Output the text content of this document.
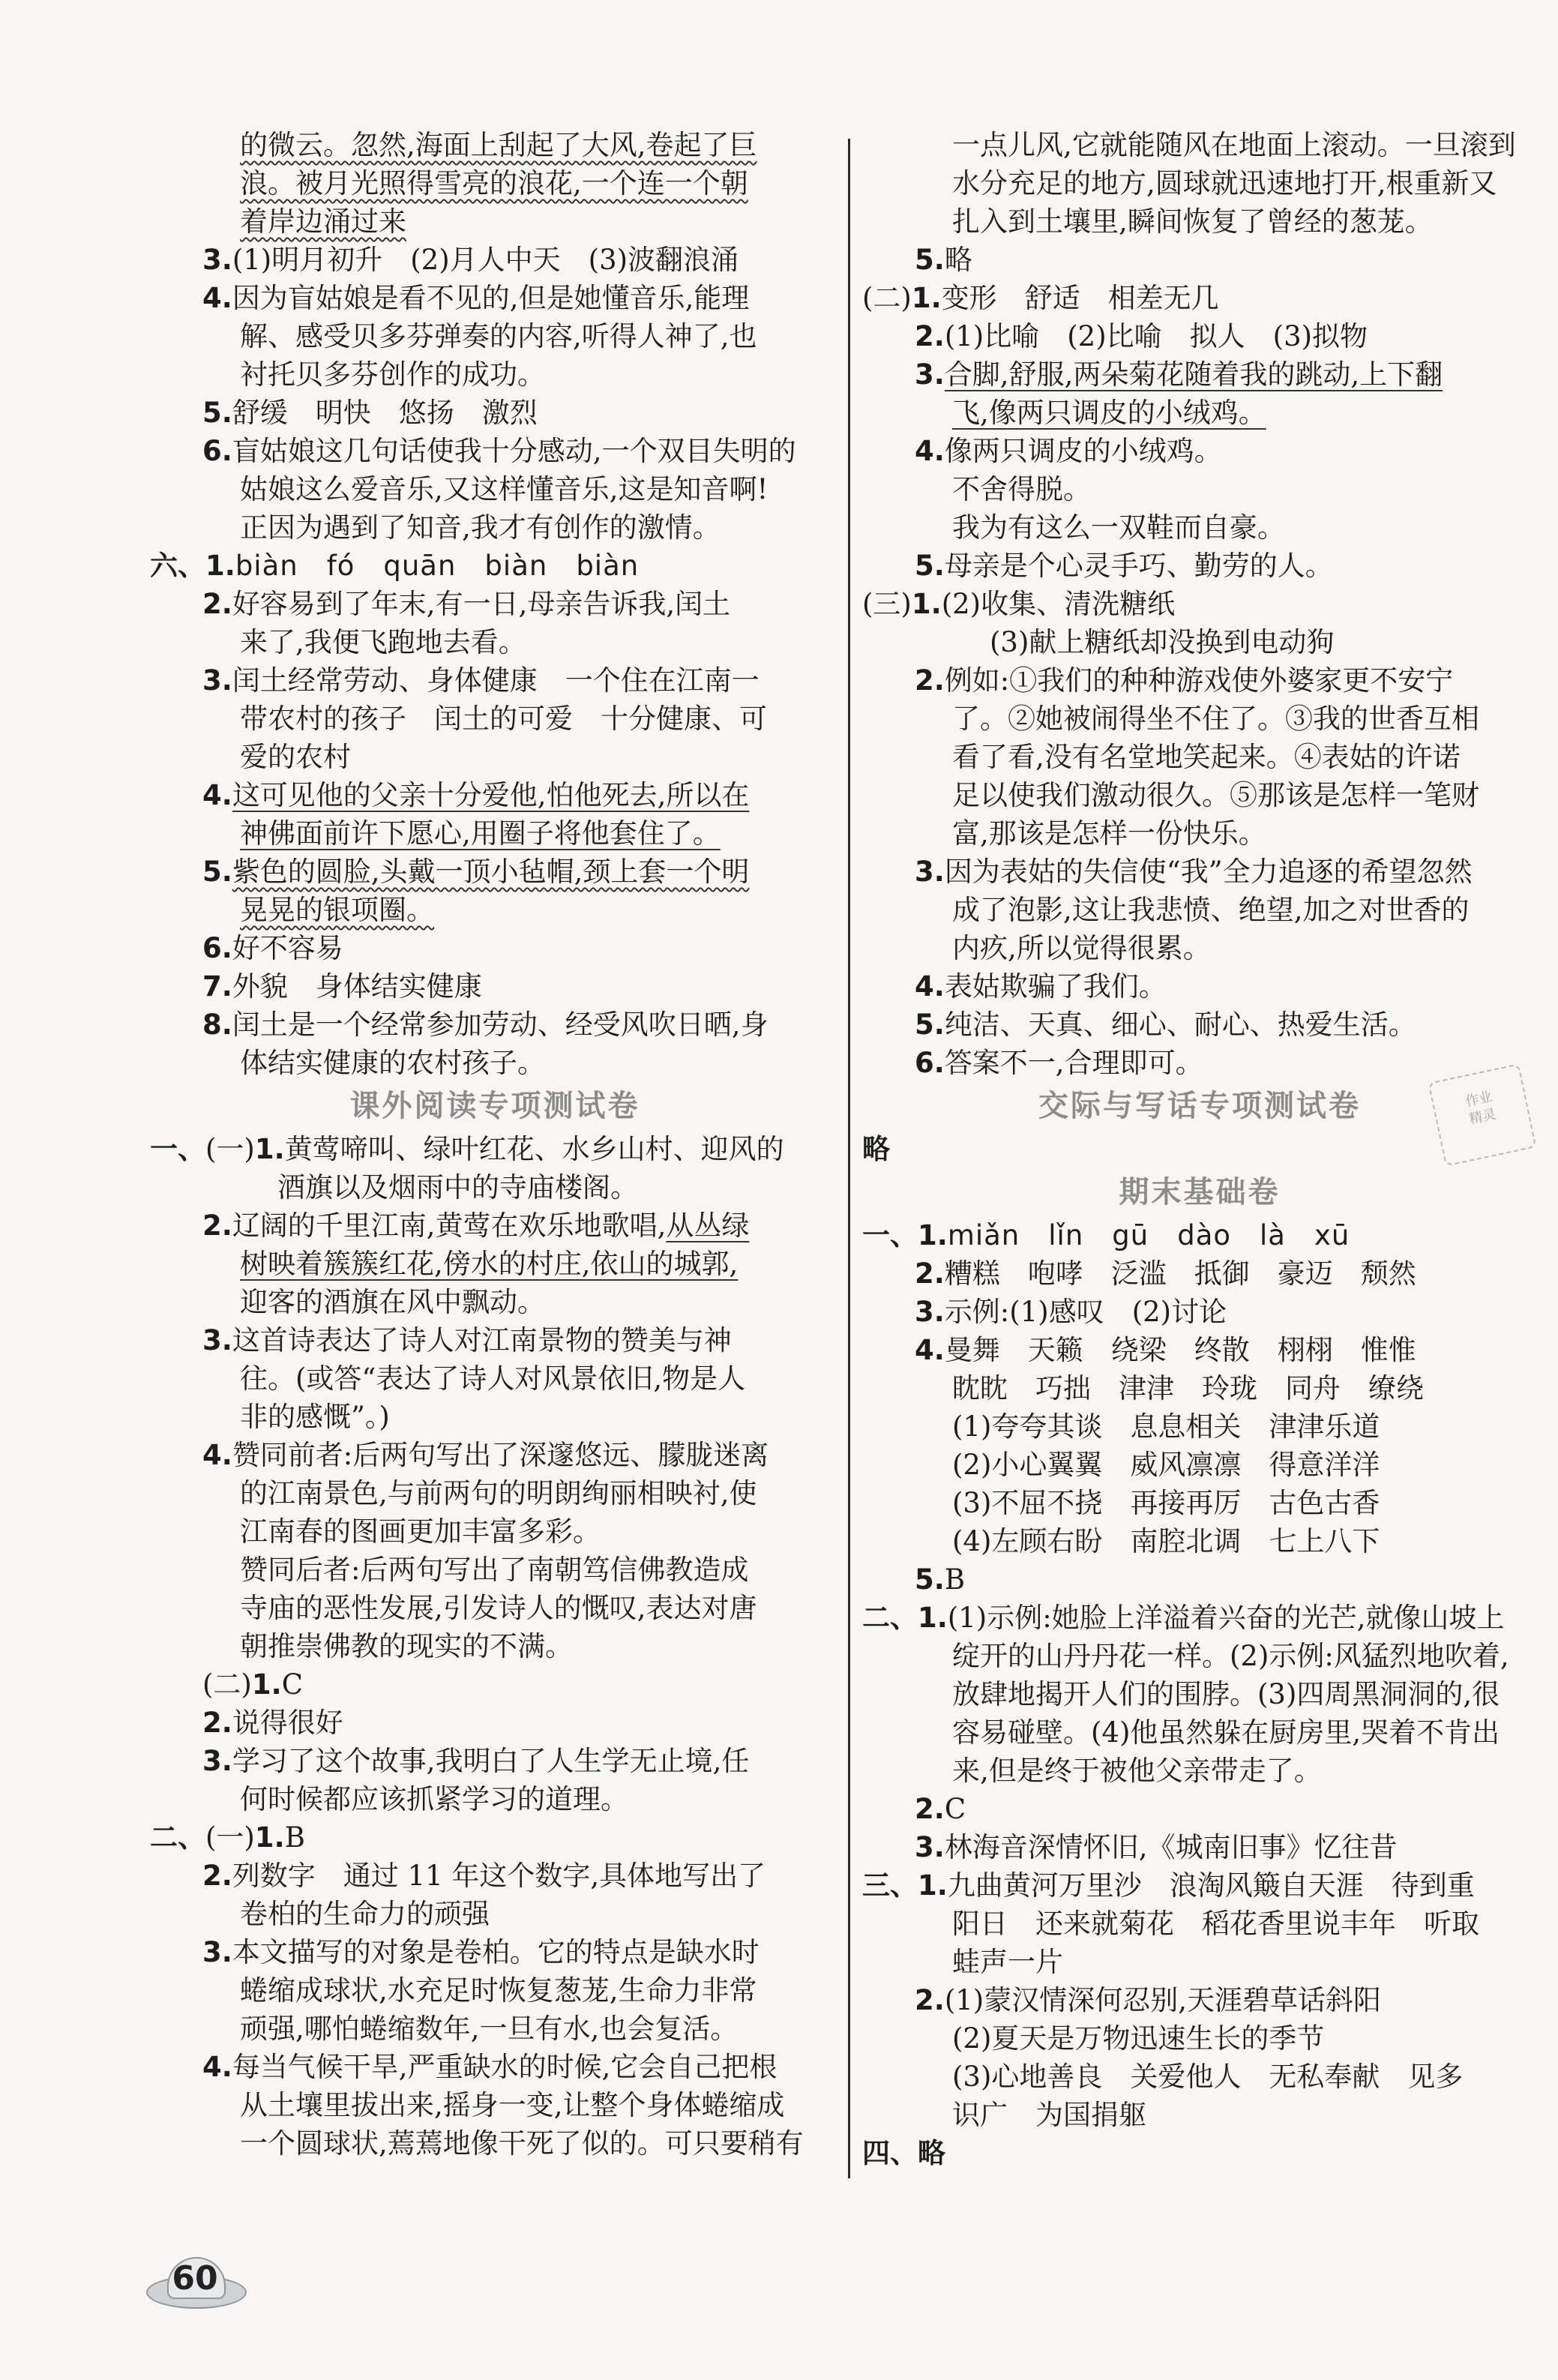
的微云。忽然,海面上刮起了大风,卷起了巨
浪。被月光照得雪亮的浪花,一个连一个朝
着岸边涌过来
3.(1)明月初升　(2)月人中天　(3)波翻浪涌
4.因为盲姑娘是看不见的,但是她懂音乐,能理
解、感受贝多芬弹奏的内容,听得人神了,也
衬托贝多芬创作的成功。
5.舒缓　明快　悠扬　激烈
6.盲姑娘这几句话使我十分感动,一个双目失明的
姑娘这么爱音乐,又这样懂音乐,这是知音啊!
正因为遇到了知音,我才有创作的激情。
六、1.biàn　fó　quān　biàn　biàn
2.好容易到了年末,有一日,母亲告诉我,闰土
来了,我便飞跑地去看。
3.闰土经常劳动、身体健康　一个住在江南一
带农村的孩子　闰土的可爱　十分健康、可
爱的农村
4.这可见他的父亲十分爱他,怕他死去,所以在
神佛面前许下愿心,用圈子将他套住了。
5.紫色的圆脸,头戴一顶小毡帽,颈上套一个明
晃晃的银项圈。
6.好不容易
7.外貌　身体结实健康
8.闰土是一个经常参加劳动、经受风吹日晒,身
体结实健康的农村孩子。
课外阅读专项测试卷
一、(一)1.黄莺啼叫、绿叶红花、水乡山村、迎风的
酒旗以及烟雨中的寺庙楼阁。
2.辽阔的千里江南,黄莺在欢乐地歌唱,从丛绿
树映着簇簇红花,傍水的村庄,依山的城郭,
迎客的酒旗在风中飘动。
3.这首诗表达了诗人对江南景物的赞美与神
往。(或答“表达了诗人对风景依旧,物是人
非的感慨”。)
4.赞同前者:后两句写出了深邃悠远、朦胧迷离
的江南景色,与前两句的明朗绚丽相映衬,使
江南春的图画更加丰富多彩。
赞同后者:后两句写出了南朝笃信佛教造成
寺庙的恶性发展,引发诗人的慨叹,表达对唐
朝推崇佛教的现实的不满。
(二)1.C
2.说得很好
3.学习了这个故事,我明白了人生学无止境,任
何时候都应该抓紧学习的道理。
二、(一)1.B
2.列数字　通过 11 年这个数字,具体地写出了
卷柏的生命力的顽强
3.本文描写的对象是卷柏。它的特点是缺水时
蜷缩成球状,水充足时恢复葱茏,生命力非常
顽强,哪怕蜷缩数年,一旦有水,也会复活。
4.每当气候干旱,严重缺水的时候,它会自己把根
从土壤里拔出来,摇身一变,让整个身体蜷缩成
一个圆球状,蔫蔫地像干死了似的。可只要稍有
一点儿风,它就能随风在地面上滚动。一旦滚到
水分充足的地方,圆球就迅速地打开,根重新又
扎入到土壤里,瞬间恢复了曾经的葱茏。
5.略
(二)1.变形　舒适　相差无几
2.(1)比喻　(2)比喻　拟人　(3)拟物
3.合脚,舒服,两朵菊花随着我的跳动,上下翻
飞,像两只调皮的小绒鸡。
4.像两只调皮的小绒鸡。
不舍得脱。
我为有这么一双鞋而自豪。
5.母亲是个心灵手巧、勤劳的人。
(三)1.(2)收集、清洗糖纸
(3)献上糖纸却没换到电动狗
2.例如:①我们的种种游戏使外婆家更不安宁
了。②她被闹得坐不住了。③我的世香互相
看了看,没有名堂地笑起来。④表姑的许诺
足以使我们激动很久。⑤那该是怎样一笔财
富,那该是怎样一份快乐。
3.因为表姑的失信使“我”全力追逐的希望忽然
成了泡影,这让我悲愤、绝望,加之对世香的
内疚,所以觉得很累。
4.表姑欺骗了我们。
5.纯洁、天真、细心、耐心、热爱生活。
6.答案不一,合理即可。
交际与写话专项测试卷
略
期末基础卷
一、1.miǎn　lǐn　gū　dào　là　xū
2.糟糕　咆哮　泛滥　抵御　豪迈　颓然
3.示例:(1)感叹　(2)讨论
4.曼舞　天籁　绕梁　终散　栩栩　惟惟
眈眈　巧拙　津津　玲珑　同舟　缭绕
(1)夸夸其谈　息息相关　津津乐道
(2)小心翼翼　威风凛凛　得意洋洋
(3)不屈不挠　再接再厉　古色古香
(4)左顾右盼　南腔北调　七上八下
5.B
二、1.(1)示例:她脸上洋溢着兴奋的光芒,就像山坡上
绽开的山丹丹花一样。(2)示例:风猛烈地吹着,
放肆地揭开人们的围脖。(3)四周黑洞洞的,很
容易碰壁。(4)他虽然躲在厨房里,哭着不肯出
来,但是终于被他父亲带走了。
2.C
3.林海音深情怀旧,《城南旧事》忆往昔
三、1.九曲黄河万里沙　浪淘风簸自天涯　待到重
阳日　还来就菊花　稻花香里说丰年　听取
蛙声一片
2.(1)蒙汉情深何忍别,天涯碧草话斜阳
(2)夏天是万物迅速生长的季节
(3)心地善良　关爱他人　无私奉献　见多
识广　为国捐躯
四、略
作业
精灵
60
